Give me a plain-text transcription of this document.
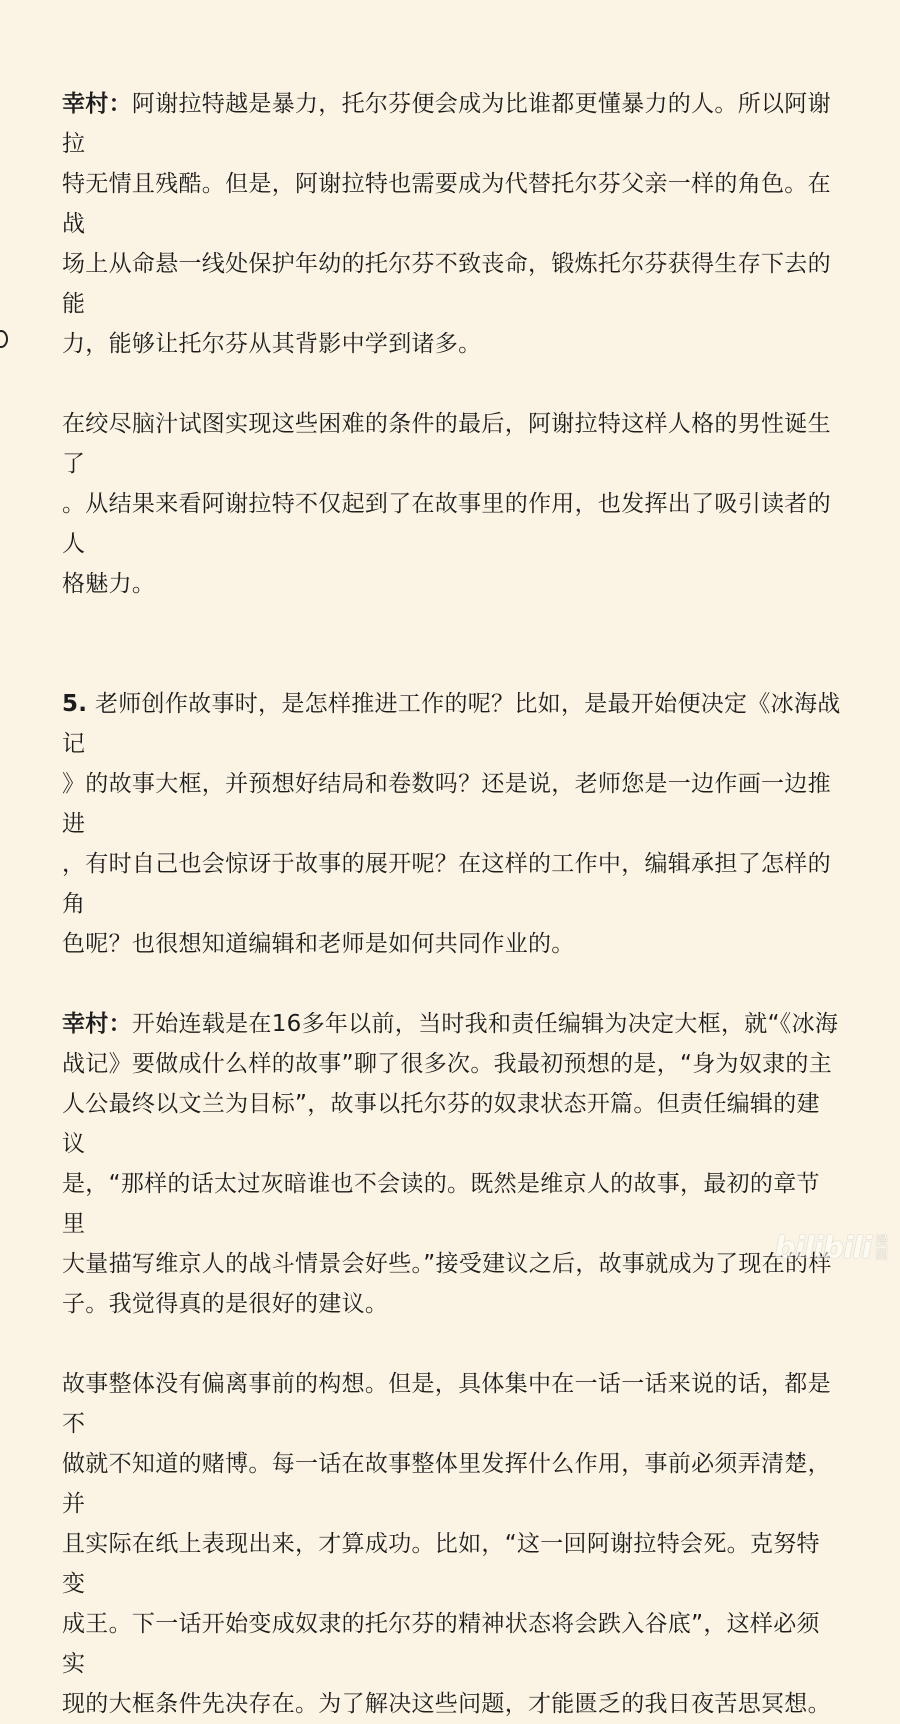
幸村：阿谢拉特越是暴力，托尔芬便会成为比谁都更懂暴力的人。所以阿谢拉
特无情且残酷。但是，阿谢拉特也需要成为代替托尔芬父亲一样的角色。在战
场上从命悬一线处保护年幼的托尔芬不致丧命，锻炼托尔芬获得生存下去的能
力，能够让托尔芬从其背影中学到诸多。

在绞尽脑汁试图实现这些困难的条件的最后，阿谢拉特这样人格的男性诞生了
。从结果来看阿谢拉特不仅起到了在故事里的作用，也发挥出了吸引读者的人
格魅力。

5. 老师创作故事时，是怎样推进工作的呢？比如，是最开始便决定《冰海战记
》的故事大框，并预想好结局和卷数吗？还是说，老师您是一边作画一边推进
，有时自己也会惊讶于故事的展开呢？在这样的工作中，编辑承担了怎样的角
色呢？也很想知道编辑和老师是如何共同作业的。

幸村：开始连载是在16多年以前，当时我和责任编辑为决定大框，就“《冰海
战记》要做成什么样的故事”聊了很多次。我最初预想的是，“身为奴隶的主
人公最终以文兰为目标”，故事以托尔芬的奴隶状态开篇。但责任编辑的建议
是，“那样的话太过灰暗谁也不会读的。既然是维京人的故事，最初的章节里
大量描写维京人的战斗情景会好些。”接受建议之后，故事就成为了现在的样
子。我觉得真的是很好的建议。

故事整体没有偏离事前的构想。但是，具体集中在一话一话来说的话，都是不
做就不知道的赌博。每一话在故事整体里发挥什么作用，事前必须弄清楚，并
且实际在纸上表现出来，才算成功。比如，“这一回阿谢拉特会死。克努特变
成王。下一话开始变成奴隶的托尔芬的精神状态将会跌入谷底”，这样必须实
现的大框条件先决存在。为了解决这些问题，才能匮乏的我日夜苦思冥想。

bilibili 漫
画
